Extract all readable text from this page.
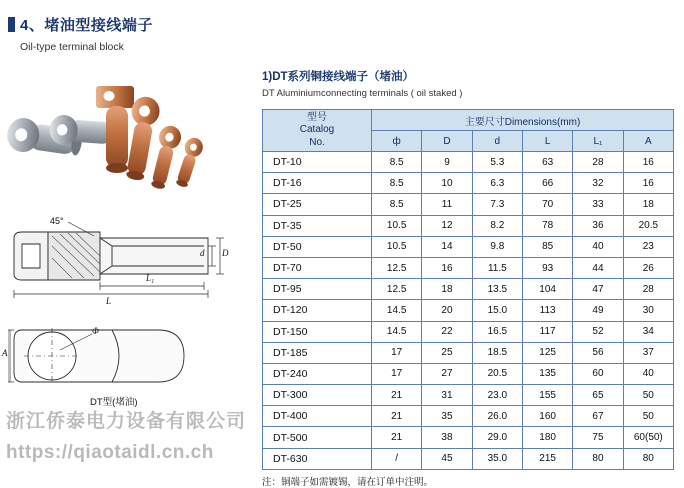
4、堵油型接线端子
Oil-type terminal block
45°
D
d
L
L₁
Φ
A
DT型(堵油)
1)DT系列铜接线端子（堵油）
DT Aluminiumconnecting terminals ( oil staked )
型号
Catalog
No.	主要尺寸Dimensions(mm)					
	ф	D	d	L	L₁	A
DT-10	8.5	9	5.3	63	28	16
DT-16	8.5	10	6.3	66	32	16
DT-25	8.5	11	7.3	70	33	18
DT-35	10.5	12	8.2	78	36	20.5
DT-50	10.5	14	9.8	85	40	23
DT-70	12.5	16	11.5	93	44	26
DT-95	12.5	18	13.5	104	47	28
DT-120	14.5	20	15.0	113	49	30
DT-150	14.5	22	16.5	117	52	34
DT-185	17	25	18.5	125	56	37
DT-240	17	27	20.5	135	60	40
DT-300	21	31	23.0	155	65	50
DT-400	21	35	26.0	160	67	50
DT-500	21	38	29.0	180	75	60(50)
DT-630	/	45	35.0	215	80	80
注： 铜端子如需镀锡，请在订单中注明。
浙江侨泰电力设备有限公司
https://qiaotaidl.cn.ch
